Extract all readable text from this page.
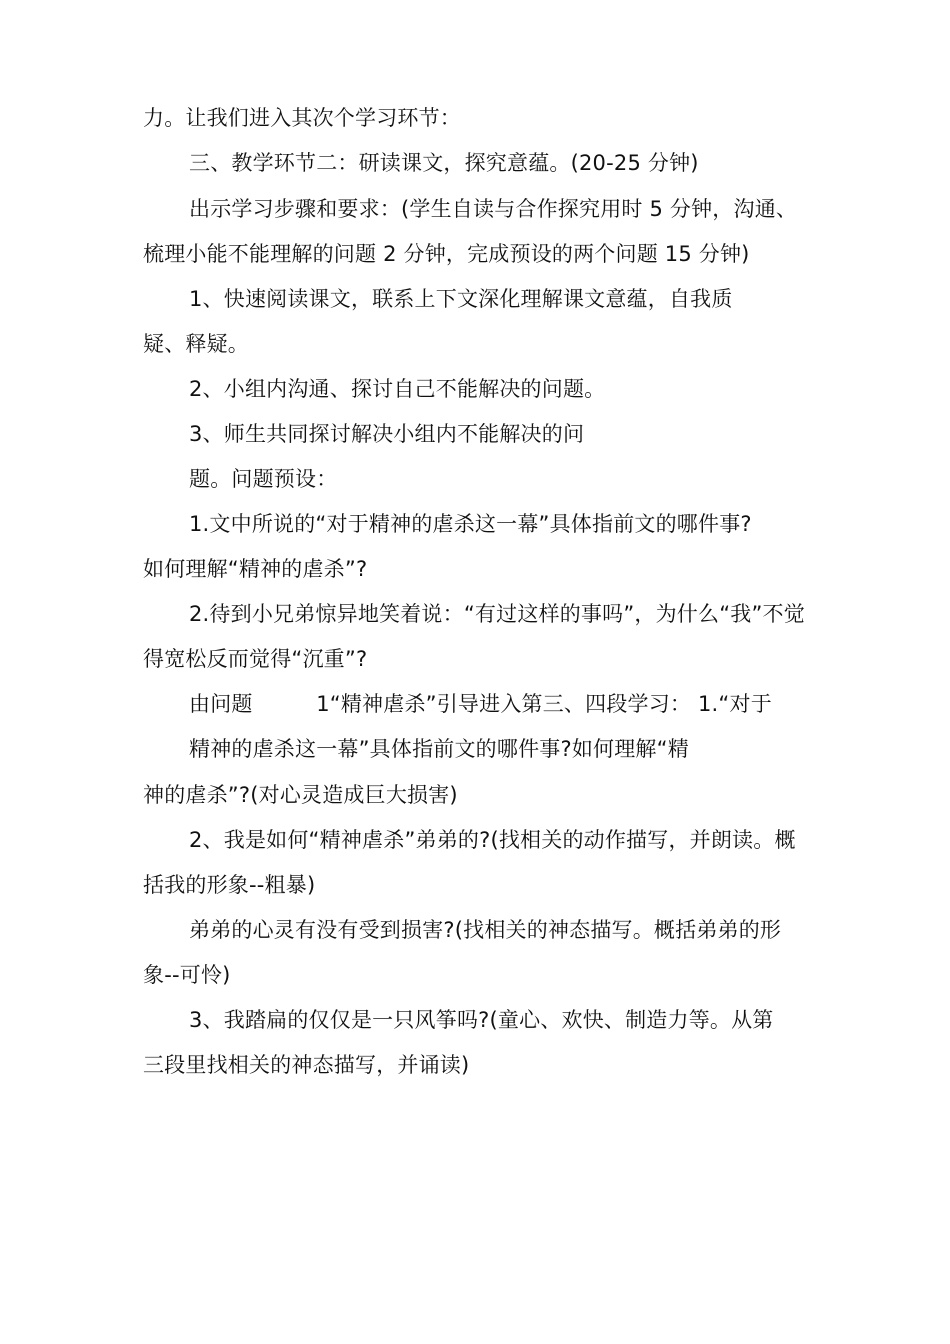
力。让我们进入其次个学习环节：
三、教学环节二：研读课文，探究意蕴。(20-25 分钟)
出示学习步骤和要求：(学生自读与合作探究用时 5 分钟，沟通、
梳理小能不能理解的问题 2 分钟，完成预设的两个问题 15 分钟)
1、快速阅读课文，联系上下文深化理解课文意蕴，自我质
疑、释疑。
2、小组内沟通、探讨自己不能解决的问题。
3、师生共同探讨解决小组内不能解决的问
题。问题预设：
1.文中所说的“对于精神的虐杀这一幕”具体指前文的哪件事?
如何理解“精神的虐杀”?
2.待到小兄弟惊异地笑着说：“有过这样的事吗”，为什么“我”不觉
得宽松反而觉得“沉重”?
由问题　　　1“精神虐杀”引导进入第三、四段学习： 1.“对于
精神的虐杀这一幕”具体指前文的哪件事?如何理解“精
神的虐杀”?(对心灵造成巨大损害)
2、我是如何“精神虐杀”弟弟的?(找相关的动作描写，并朗读。概
括我的形象--粗暴)
弟弟的心灵有没有受到损害?(找相关的神态描写。概括弟弟的形
象--可怜)
3、我踏扁的仅仅是一只风筝吗?(童心、欢快、制造力等。从第
三段里找相关的神态描写，并诵读)
